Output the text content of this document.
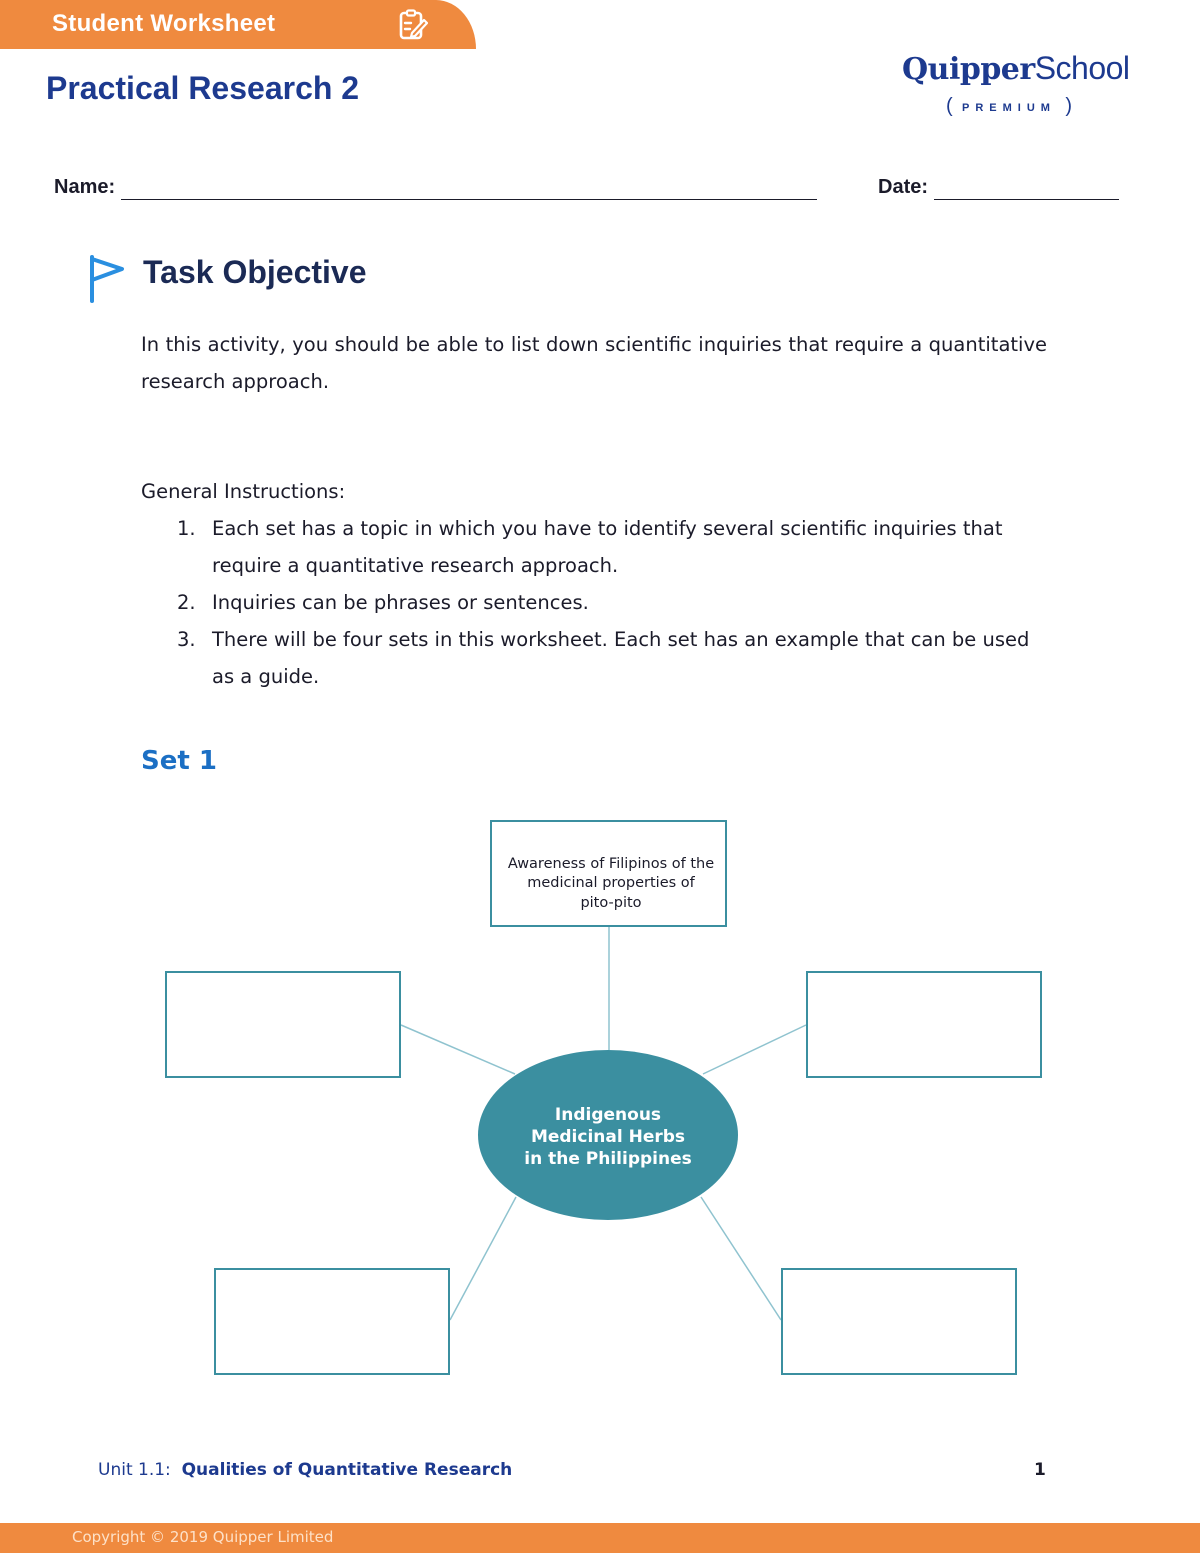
Student Worksheet
Practical Research 2
QuipperSchool
( PREMIUM )
Name:	Date:
Task Objective
In this activity, you should be able to list down scientific inquiries that require a quantitative research approach.
General Instructions:
1. Each set has a topic in which you have to identify several scientific inquiries that require a quantitative research approach.
2. Inquiries can be phrases or sentences.
3. There will be four sets in this worksheet. Each set has an example that can be used as a guide.
Set 1
Awareness of Filipinos of the
medicinal properties of
pito-pito
Indigenous
Medicinal Herbs
in the Philippines
Unit 1.1: Qualities of Quantitative Research	1
Copyright © 2019 Quipper Limited
